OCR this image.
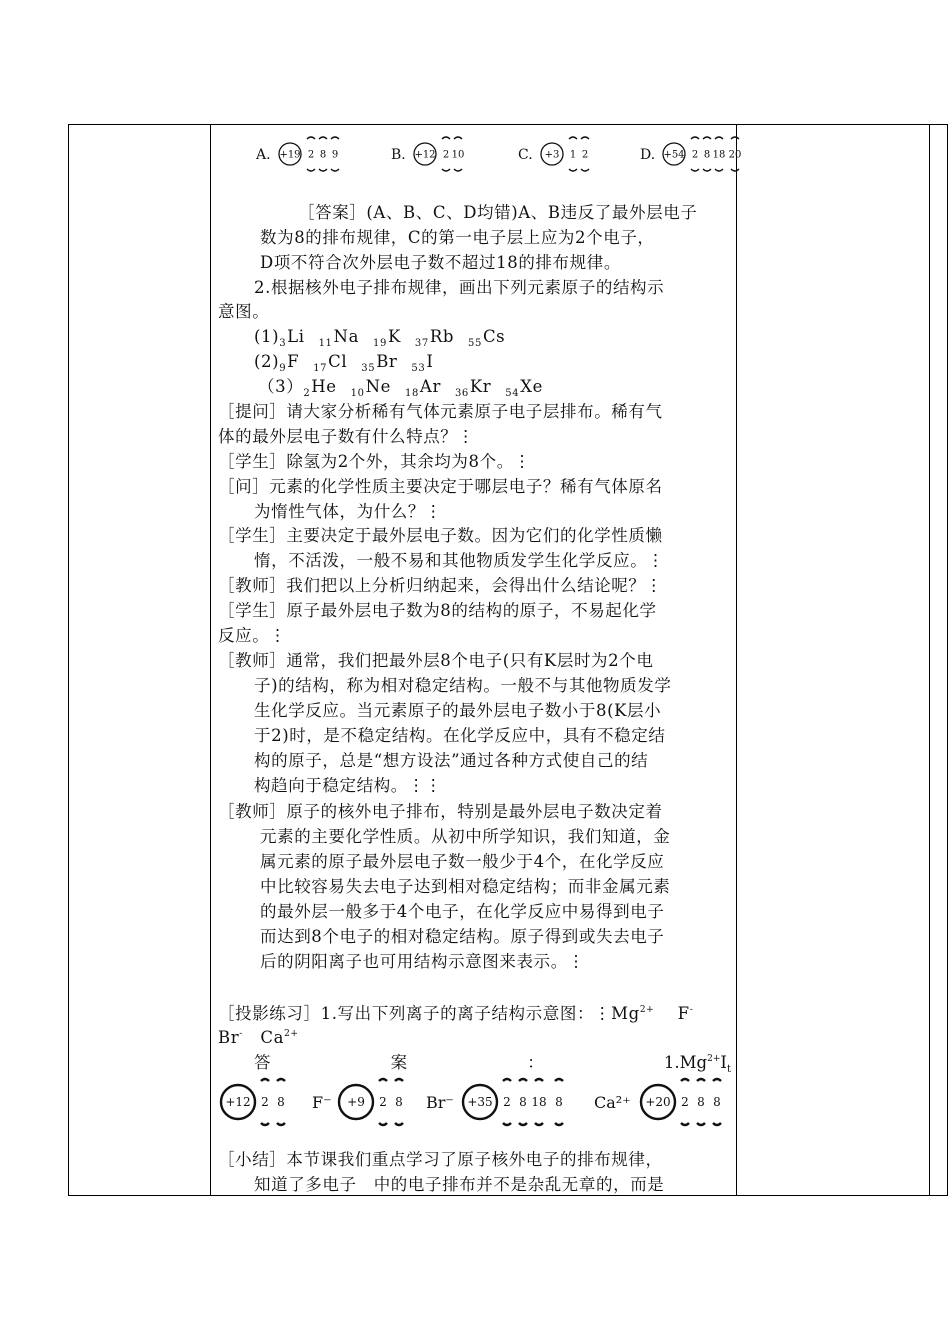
A. +19 2 8 9	B. +12 2 10	C. +3 1 2	D. +54 2 8 18 20
［答案］(A、B、C、D均错)A、B违反了最外层电子
数为8的排布规律，C的第一电子层上应为2个电子，
D项不符合次外层电子数不超过18的排布规律。
2.根据核外电子排布规律，画出下列元素原子的结构示
意图。
$(1)_3Li$ $_{11}$Na $_{19}$K $_{37}$Rb $_{55}$Cs
$(2)_9F$ $_{17}$Cl $_{35}$Br $_{53}$I
$(3)_2He$ $_{10}$Ne $_{18}$Ar $_{36}$Kr $_{54}$Xe
［提问］请大家分析稀有气体元素原子电子层排布。稀有气
体的最外层电子数有什么特点？⋮
［学生］除氢为2个外，其余均为8个。⋮
［问］元素的化学性质主要决定于哪层电子？稀有气体原名
为惰性气体，为什么？⋮
［学生］主要决定于最外层电子数。因为它们的化学性质懒
惰，不活泼，一般不易和其他物质发学生化学反应。⋮
［教师］我们把以上分析归纳起来，会得出什么结论呢？⋮
［学生］原子最外层电子数为8的结构的原子，不易起化学
反应。⋮
［教师］通常，我们把最外层8个电子(只有K层时为2个电
子)的结构，称为相对稳定结构。一般不与其他物质发学
生化学反应。当元素原子的最外层电子数小于8(K层小
于2)时，是不稳定结构。在化学反应中，具有不稳定结
构的原子，总是“想方设法”通过各种方式使自己的结
构趋向于稳定结构。⋮⋮
［教师］原子的核外电子排布，特别是最外层电子数决定着
元素的主要化学性质。从初中所学知识，我们知道，金
属元素的原子最外层电子数一般少于4个，在化学反应
中比较容易失去电子达到相对稳定结构；而非金属元素
的最外层一般多于4个电子，在化学反应中易得到电子
而达到8个电子的相对稳定结构。原子得到或失去电子
后的阴阳离子也可用结构示意图来表示。⋮
［投影练习］1.写出下列离子的离子结构示意图：$⋮Mg^{2+}$ F-
Br- $Ca^{2+}$
答	案	：	$1.Mg^{2+}I_t$
+12 2 8 F⁻ +9 2 8 Br⁻ +35 2 8 18 8 Ca²⁺ +20 2 8 8
［小结］本节课我们重点学习了原子核外电子的排布规律，
知道了多电子　中的电子排布并不是杂乱无章的，而是
